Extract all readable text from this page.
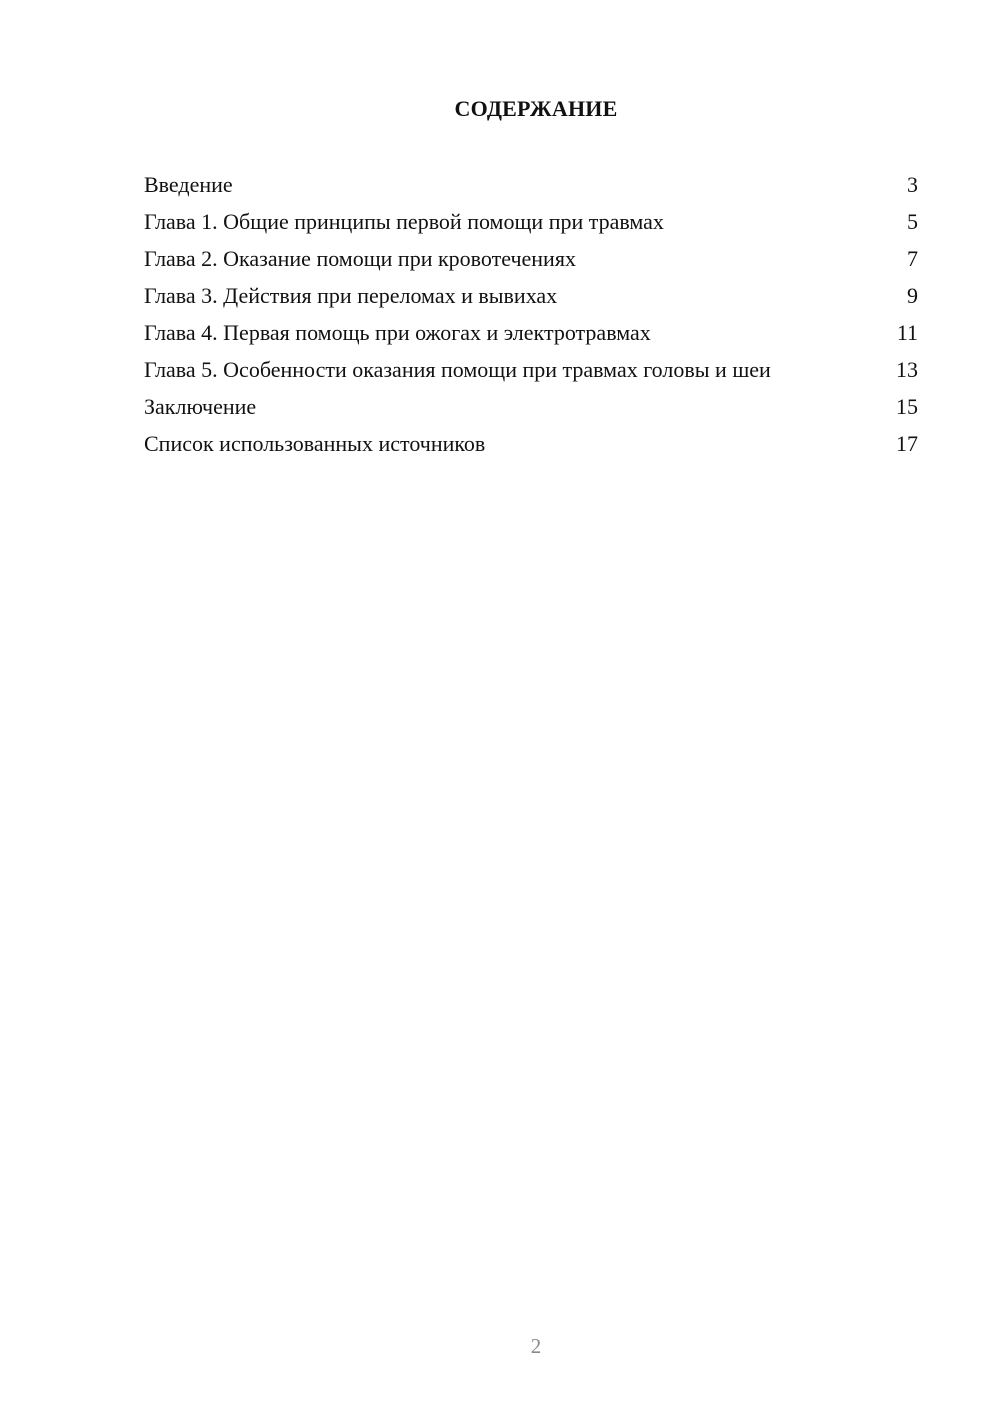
СОДЕРЖАНИЕ
Введение	3
Глава 1. Общие принципы первой помощи при травмах	5
Глава 2. Оказание помощи при кровотечениях	7
Глава 3. Действия при переломах и вывихах	9
Глава 4. Первая помощь при ожогах и электротравмах	11
Глава 5. Особенности оказания помощи при травмах головы и шеи	13
Заключение	15
Список использованных источников	17
2
